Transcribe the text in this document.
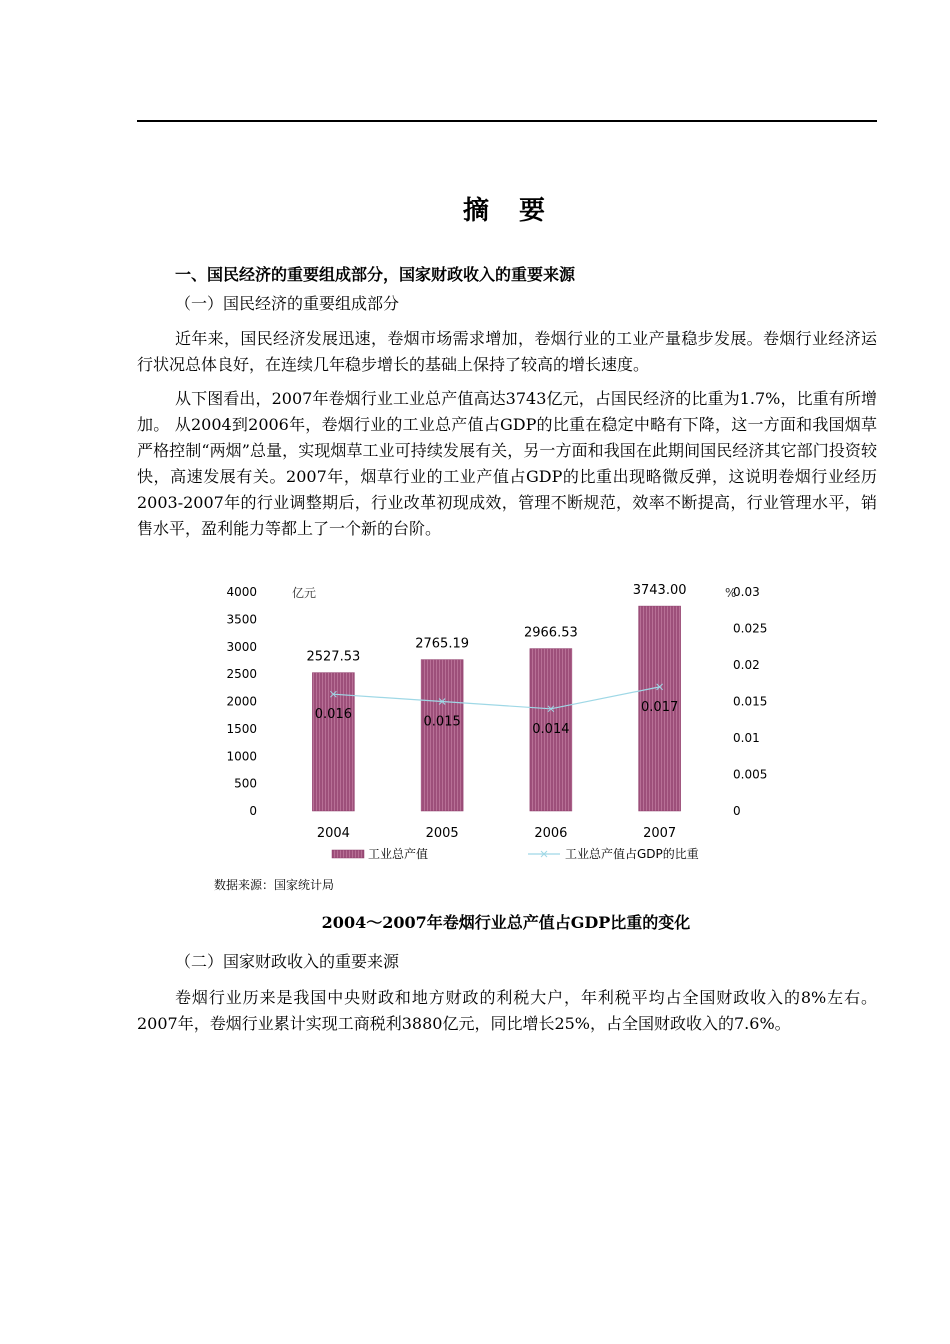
摘　要
一、国民经济的重要组成部分，国家财政收入的重要来源
（一）国民经济的重要组成部分
近年来，国民经济发展迅速，卷烟市场需求增加，卷烟行业的工业产量稳步发展。卷烟行业经济运行状况总体良好，在连续几年稳步增长的基础上保持了较高的增长速度。
从下图看出，2007年卷烟行业工业总产值高达3743亿元，占国民经济的比重为1.7%，比重有所增加。 从2004到2006年，卷烟行业的工业总产值占GDP的比重在稳定中略有下降，这一方面和我国烟草严格控制“两烟”总量，实现烟草工业可持续发展有关，另一方面和我国在此期间国民经济其它部门投资较快，高速发展有关。2007年，烟草行业的工业产值占GDP的比重出现略微反弹，这说明卷烟行业经历2003-2007年的行业调整期后，行业改革初现成效，管理不断规范，效率不断提高，行业管理水平，销售水平，盈利能力等都上了一个新的台阶。
0
500
1000
1500
2000
2500
3000
3500
4000
0
0.005
0.01
0.015
0.02
0.025
0.03
亿元	%
2527.53
2765.19
2966.53
3743.00
0.016	0.015	0.014
0.017
2004	2005	2006	2007
工业总产值	工业总产值占GDP的比重
数据来源：国家统计局
2004～2007年卷烟行业总产值占GDP比重的变化
（二）国家财政收入的重要来源
卷烟行业历来是我国中央财政和地方财政的利税大户，年利税平均占全国财政收入的8%左右。2007年，卷烟行业累计实现工商税利3880亿元，同比增长25%，占全国财政收入的7.6%。
